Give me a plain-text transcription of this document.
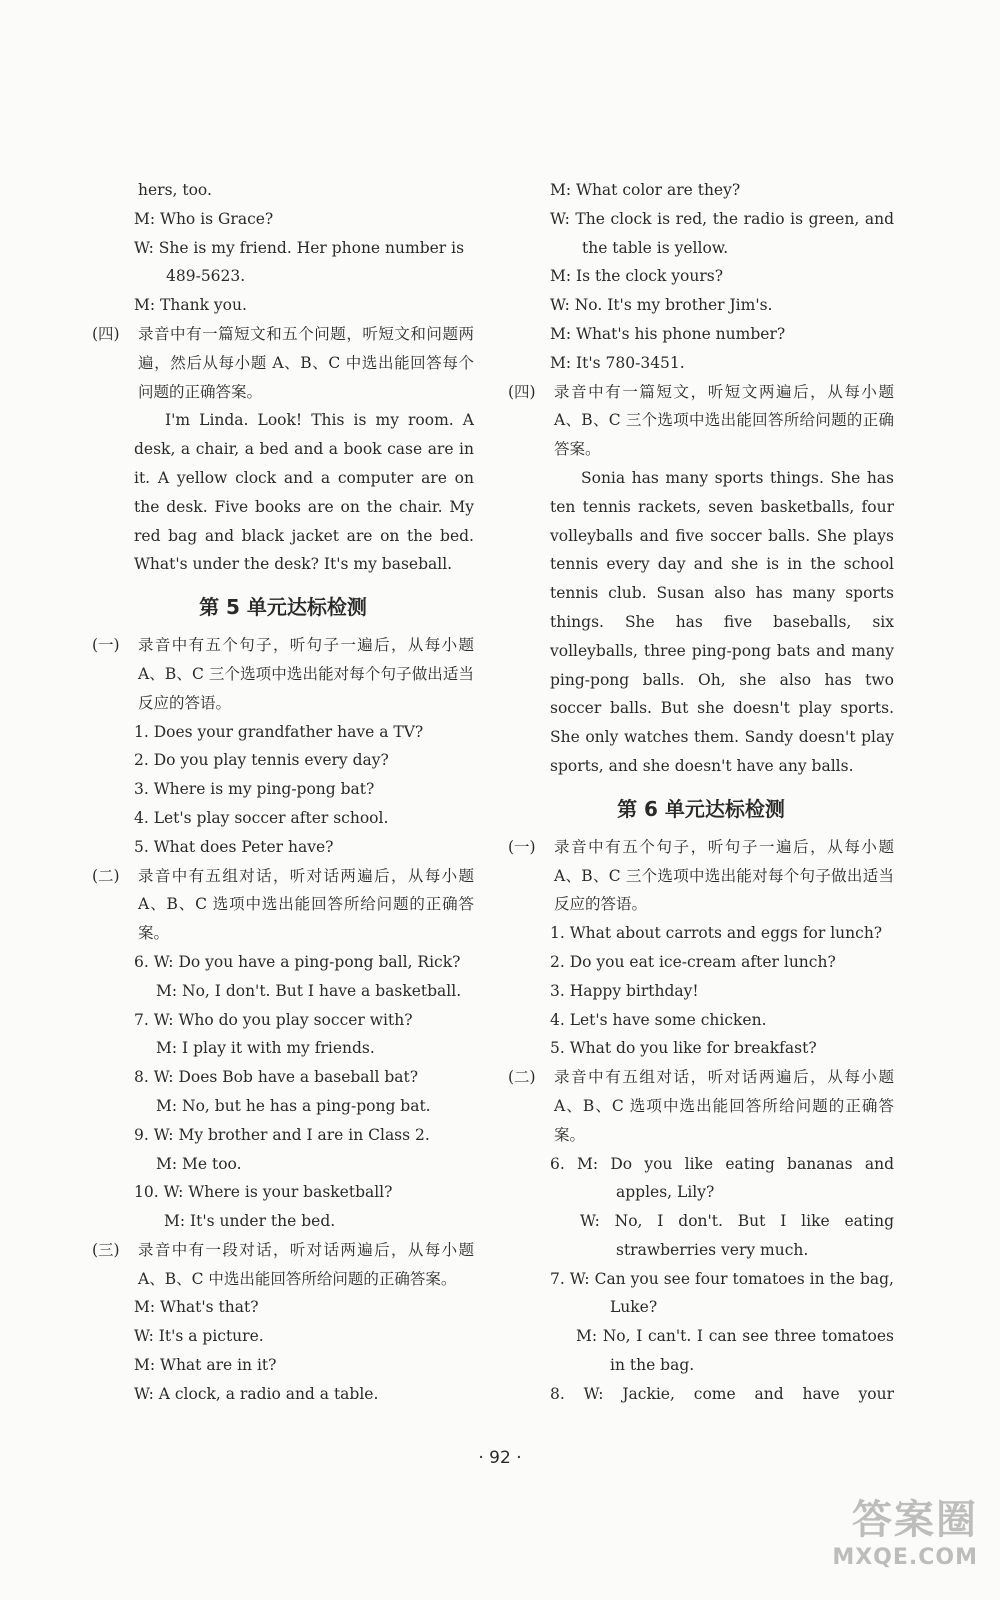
hers, too.
M: Who is Grace?
W: She is my friend. Her phone number is
489-5623.
M: Thank you.
(四) 录音中有一篇短文和五个问题，听短文和问题两遍，然后从每小题 A、B、C 中选出能回答每个问题的正确答案。
I'm Linda. Look! This is my room. A desk, a chair, a bed and a book case are in it. A yellow clock and a computer are on the desk. Five books are on the chair. My red bag and black jacket are on the bed. What's under the desk? It's my baseball.
第 5 单元达标检测
(一) 录音中有五个句子，听句子一遍后，从每小题 A、B、C 三个选项中选出能对每个句子做出适当反应的答语。
1. Does your grandfather have a TV?
2. Do you play tennis every day?
3. Where is my ping-pong bat?
4. Let's play soccer after school.
5. What does Peter have?
(二) 录音中有五组对话，听对话两遍后，从每小题 A、B、C 选项中选出能回答所给问题的正确答案。
6. W: Do you have a ping-pong ball, Rick?
M: No, I don't. But I have a basketball.
7. W: Who do you play soccer with?
M: I play it with my friends.
8. W: Does Bob have a baseball bat?
M: No, but he has a ping-pong bat.
9. W: My brother and I are in Class 2.
M: Me too.
10. W: Where is your basketball?
M: It's under the bed.
(三) 录音中有一段对话，听对话两遍后，从每小题 A、B、C 中选出能回答所给问题的正确答案。
M: What's that?
W: It's a picture.
M: What are in it?
W: A clock, a radio and a table.
M: What color are they?
W: The clock is red, the radio is green, and the table is yellow.
M: Is the clock yours?
W: No. It's my brother Jim's.
M: What's his phone number?
M: It's 780-3451.
(四) 录音中有一篇短文，听短文两遍后，从每小题 A、B、C 三个选项中选出能回答所给问题的正确答案。
Sonia has many sports things. She has ten tennis rackets, seven basketballs, four volleyballs and five soccer balls. She plays tennis every day and she is in the school tennis club. Susan also has many sports things. She has five baseballs, six volleyballs, three ping-pong bats and many ping-pong balls. Oh, she also has two soccer balls. But she doesn't play sports. She only watches them. Sandy doesn't play sports, and she doesn't have any balls.
第 6 单元达标检测
(一) 录音中有五个句子，听句子一遍后，从每小题 A、B、C 三个选项中选出能对每个句子做出适当反应的答语。
1. What about carrots and eggs for lunch?
2. Do you eat ice-cream after lunch?
3. Happy birthday!
4. Let's have some chicken.
5. What do you like for breakfast?
(二) 录音中有五组对话，听对话两遍后，从每小题 A、B、C 选项中选出能回答所给问题的正确答案。
6. M: Do you like eating bananas and apples, Lily?
W: No, I don't. But I like eating strawberries very much.
7. W: Can you see four tomatoes in the bag, Luke?
M: No, I can't. I can see three tomatoes in the bag.
8. W: Jackie, come and have your
· 92 ·
答案圈
MXQE.COM
